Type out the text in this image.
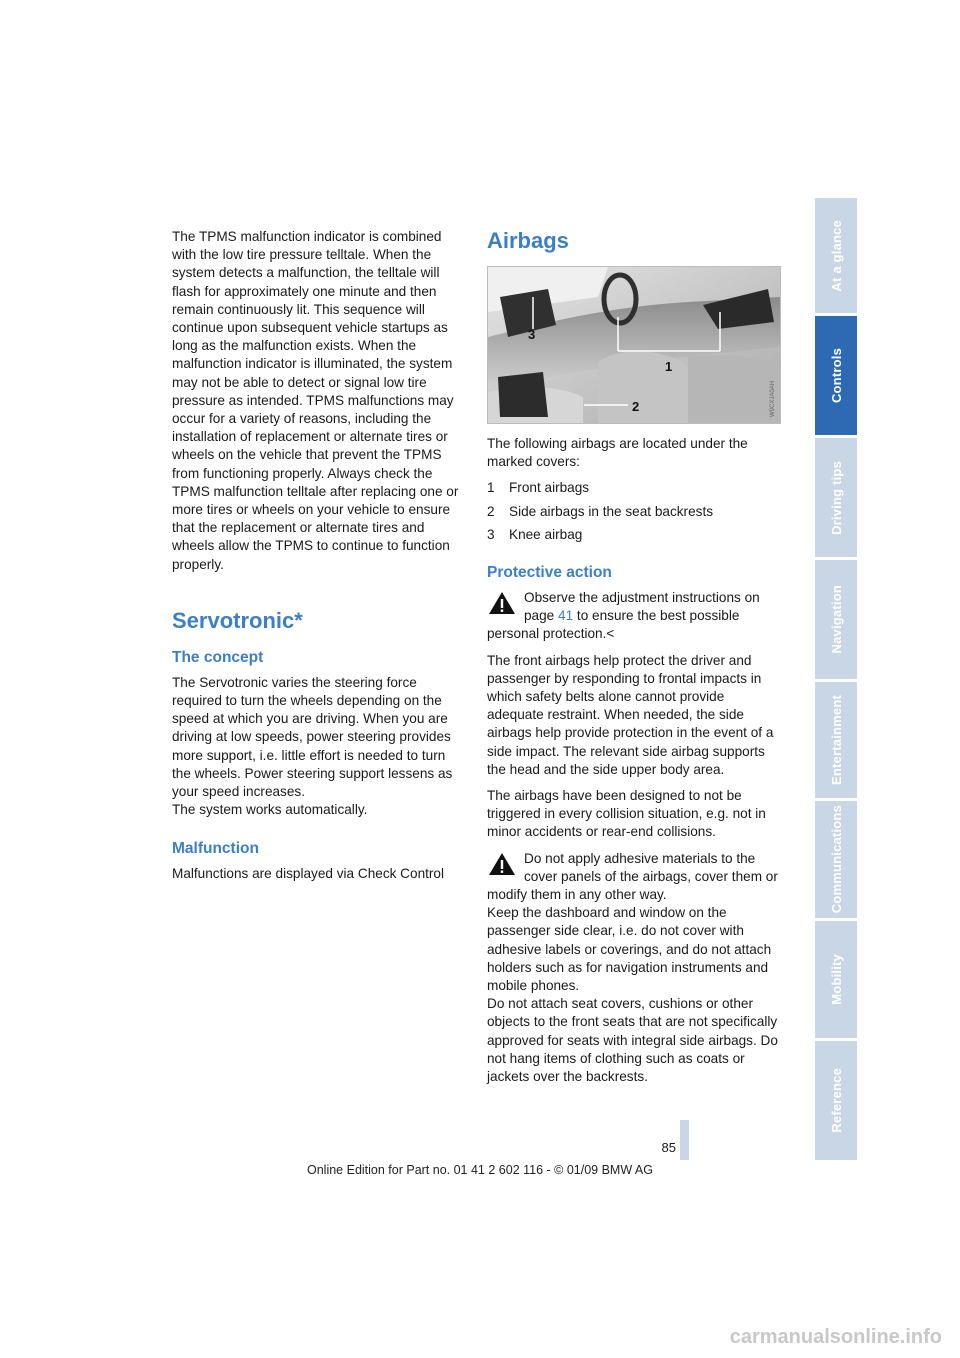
The TPMS malfunction indicator is combined with the low tire pressure telltale. When the system detects a malfunction, the telltale will flash for approximately one minute and then remain continuously lit. This sequence will continue upon subsequent vehicle startups as long as the malfunction exists. When the malfunction indicator is illuminated, the system may not be able to detect or signal low tire pressure as intended. TPMS malfunctions may occur for a variety of reasons, including the installation of replacement or alternate tires or wheels on the vehicle that prevent the TPMS from functioning properly. Always check the TPMS malfunction telltale after replacing one or more tires or wheels on your vehicle to ensure that the replacement or alternate tires and wheels allow the TPMS to continue to function properly.

Servotronic*
The concept

The Servotronic varies the steering force required to turn the wheels depending on the speed at which you are driving. When you are driving at low speeds, power steering provides more support, i.e. little effort is needed to turn the wheels. Power steering support lessens as your speed increases.

The system works automatically.

Malfunction

Malfunctions are displayed via Check Control

Airbags
3
1
2	W9CXJA0AH

The following airbags are located under the marked covers:

1	Front airbags
2	Side airbags in the seat backrests
3	Knee airbag
Protective action

Observe the adjustment instructions on page 41 to ensure the best possible personal protection.<

The front airbags help protect the driver and passenger by responding to frontal impacts in which safety belts alone cannot provide adequate restraint. When needed, the side airbags help provide protection in the event of a side impact. The relevant side airbag supports the head and the side upper body area.

The airbags have been designed to not be triggered in every collision situation, e.g. not in minor accidents or rear-end collisions.

Do not apply adhesive materials to the cover panels of the airbags, cover them or modify them in any other way.

Keep the dashboard and window on the passenger side clear, i.e. do not cover with adhesive labels or coverings, and do not attach holders such as for navigation instruments and mobile phones.

Do not attach seat covers, cushions or other objects to the front seats that are not specifically approved for seats with integral side airbags. Do not hang items of clothing such as coats or jackets over the backrests.

At a glance
Controls
Driving tips
Navigation
Entertainment
Communications
Mobility
Reference
85
Online Edition for Part no. 01 41 2 602 116 - © 01/09 BMW AG
carmanualsonline.info
